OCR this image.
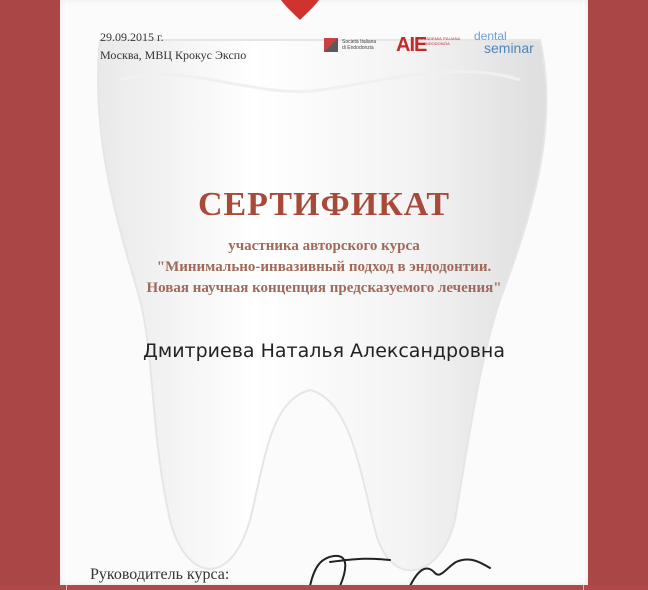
29.09.2015 г.
Москва, МВЦ Крокус Экспо
Società Italiana di Endodonzia	AIE
ACCADEMIA ITALIANA DI ENDODONZIA
dental
seminar
СЕРТИФИКАТ
участника авторского курса
"Минимально-инвазивный подход в эндодонтии.
Новая научная концепция предсказуемого лечения"
Дмитриева Наталья Александровна
Руководитель курса:
